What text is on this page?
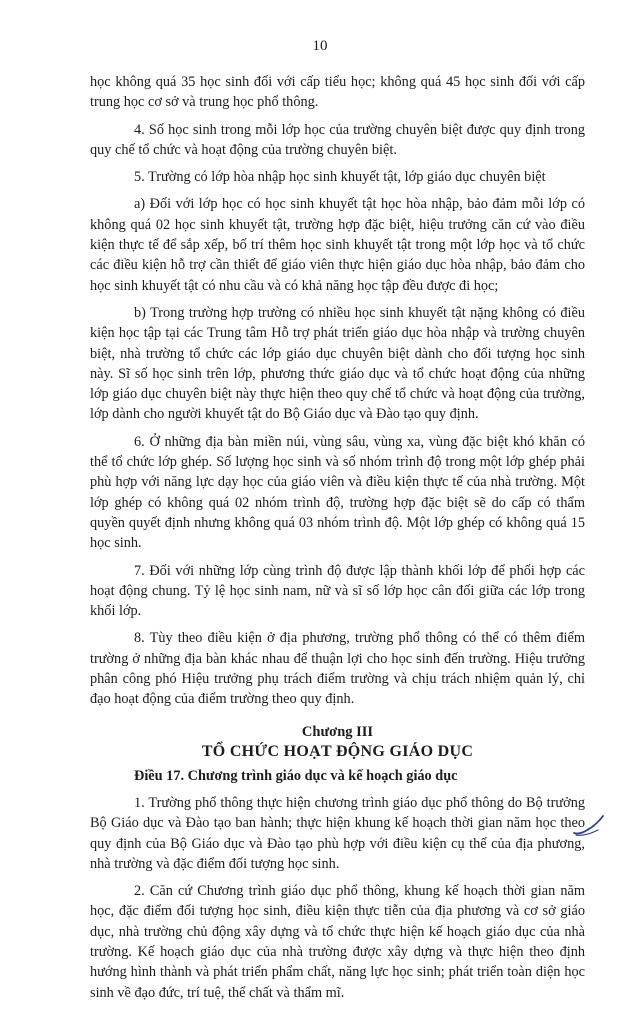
10

học không quá 35 học sinh đối với cấp tiểu học; không quá 45 học sinh đối với cấp trung học cơ sở và trung học phổ thông.

4. Số học sinh trong mỗi lớp học của trường chuyên biệt được quy định trong quy chế tổ chức và hoạt động của trường chuyên biệt.

5. Trường có lớp hòa nhập học sinh khuyết tật, lớp giáo dục chuyên biệt

a) Đối với lớp học có học sinh khuyết tật học hòa nhập, bảo đảm mỗi lớp có không quá 02 học sinh khuyết tật, trường hợp đặc biệt, hiệu trưởng căn cứ vào điều kiện thực tế để sắp xếp, bố trí thêm học sinh khuyết tật trong một lớp học và tổ chức các điều kiện hỗ trợ cần thiết để giáo viên thực hiện giáo dục hòa nhập, bảo đảm cho học sinh khuyết tật có nhu cầu và có khả năng học tập đều được đi học;

b) Trong trường hợp trường có nhiều học sinh khuyết tật nặng không có điều kiện học tập tại các Trung tâm Hỗ trợ phát triển giáo dục hòa nhập và trường chuyên biệt, nhà trường tổ chức các lớp giáo dục chuyên biệt dành cho đối tượng học sinh này. Sĩ số học sinh trên lớp, phương thức giáo dục và tổ chức hoạt động của những lớp giáo dục chuyên biệt này thực hiện theo quy chế tổ chức và hoạt động của trường, lớp dành cho người khuyết tật do Bộ Giáo dục và Đào tạo quy định.

6. Ở những địa bàn miền núi, vùng sâu, vùng xa, vùng đặc biệt khó khăn có thể tổ chức lớp ghép. Số lượng học sinh và số nhóm trình độ trong một lớp ghép phải phù hợp với năng lực dạy học của giáo viên và điều kiện thực tế của nhà trường. Một lớp ghép có không quá 02 nhóm trình độ, trường hợp đặc biệt sẽ do cấp có thẩm quyền quyết định nhưng không quá 03 nhóm trình độ. Một lớp ghép có không quá 15 học sinh.

7. Đối với những lớp cùng trình độ được lập thành khối lớp để phối hợp các hoạt động chung. Tỷ lệ học sinh nam, nữ và sĩ số lớp học cân đối giữa các lớp trong khối lớp.

8. Tùy theo điều kiện ở địa phương, trường phổ thông có thể có thêm điểm trường ở những địa bàn khác nhau để thuận lợi cho học sinh đến trường. Hiệu trưởng phân công phó Hiệu trưởng phụ trách điểm trường và chịu trách nhiệm quản lý, chỉ đạo hoạt động của điểm trường theo quy định.

Chương III
TỔ CHỨC HOẠT ĐỘNG GIÁO DỤC

Điều 17. Chương trình giáo dục và kế hoạch giáo dục

1. Trường phổ thông thực hiện chương trình giáo dục phổ thông do Bộ trưởng Bộ Giáo dục và Đào tạo ban hành; thực hiện khung kế hoạch thời gian năm học theo quy định của Bộ Giáo dục và Đào tạo phù hợp với điều kiện cụ thể của địa phương, nhà trường và đặc điểm đối tượng học sinh.

2. Căn cứ Chương trình giáo dục phổ thông, khung kế hoạch thời gian năm học, đặc điểm đối tượng học sinh, điều kiện thực tiễn của địa phương và cơ sở giáo dục, nhà trường chủ động xây dựng và tổ chức thực hiện kế hoạch giáo dục của nhà trường. Kế hoạch giáo dục của nhà trường được xây dựng và thực hiện theo định hướng hình thành và phát triển phẩm chất, năng lực học sinh; phát triển toàn diện học sinh về đạo đức, trí tuệ, thể chất và thẩm mĩ.
